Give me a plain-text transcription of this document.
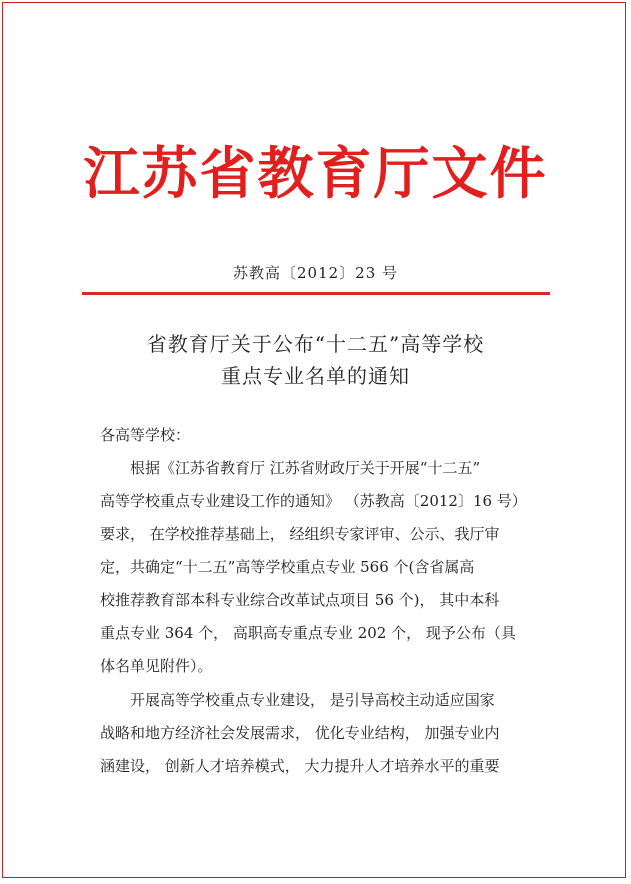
江苏省教育厅文件
苏教高〔2012〕23 号
省教育厅关于公布“十二五”高等学校
重点专业名单的通知
各高等学校：
根据《江苏省教育厅 江苏省财政厅关于开展“十二五”
高等学校重点专业建设工作的通知》 （苏教高〔2012〕16 号）
要求， 在学校推荐基础上， 经组织专家评审、公示、我厅审
定，共确定“十二五”高等学校重点专业 566 个(含省属高
校推荐教育部本科专业综合改革试点项目 56 个)， 其中本科
重点专业 364 个， 高职高专重点专业 202 个， 现予公布（具
体名单见附件）。
开展高等学校重点专业建设， 是引导高校主动适应国家
战略和地方经济社会发展需求， 优化专业结构， 加强专业内
涵建设， 创新人才培养模式， 大力提升人才培养水平的重要
